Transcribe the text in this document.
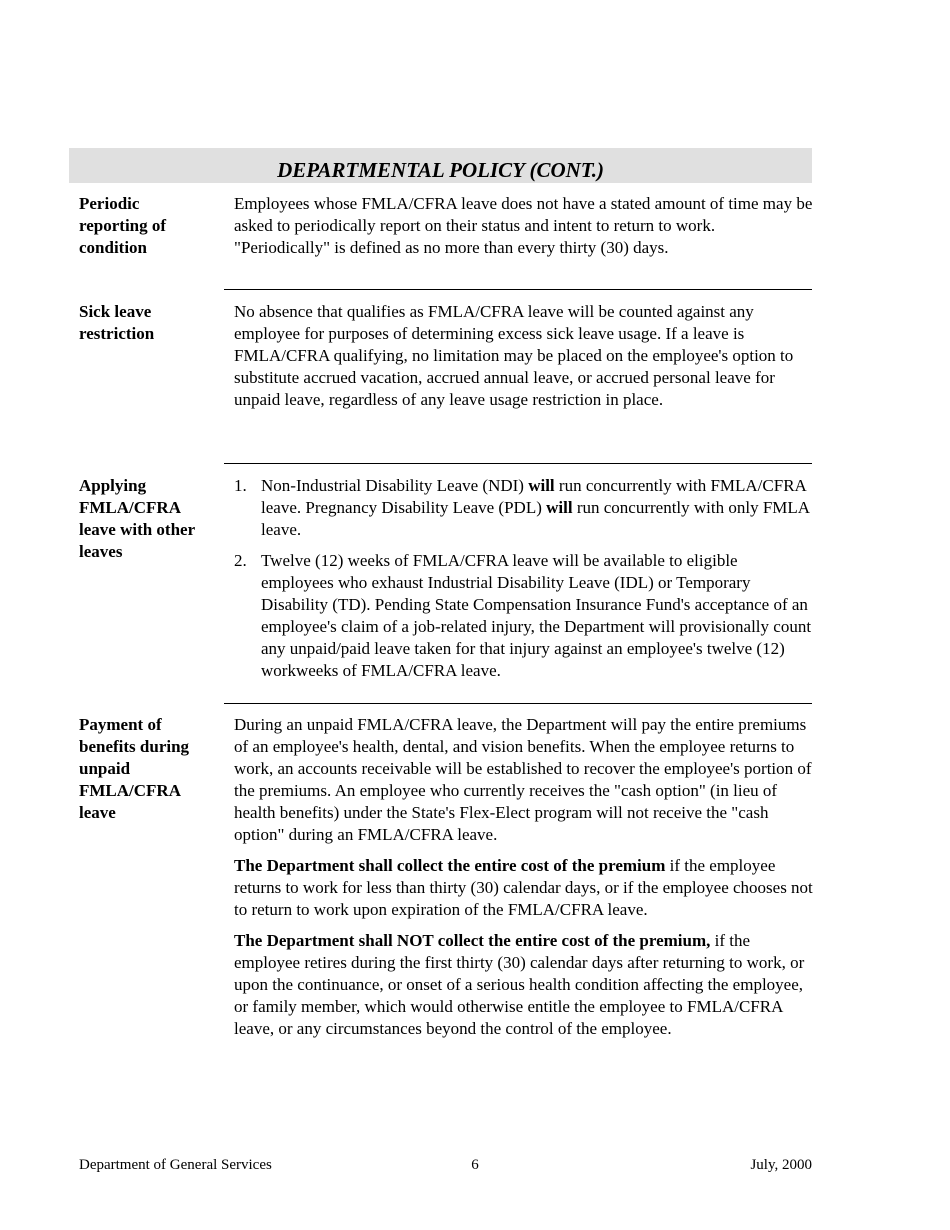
DEPARTMENTAL POLICY (CONT.)
Periodic
reporting of
condition

Employees whose FMLA/CFRA leave does not have a stated amount of time may be asked to periodically report on their status and intent to return to work. "Periodically" is defined as no more than every thirty (30) days.

Sick leave
restriction

No absence that qualifies as FMLA/CFRA leave will be counted against any employee for purposes of determining excess sick leave usage. If a leave is FMLA/CFRA qualifying, no limitation may be placed on the employee's option to substitute accrued vacation, accrued annual leave, or accrued personal leave for unpaid leave, regardless of any leave usage restriction in place.

Applying
FMLA/CFRA
leave with other
leaves

1. Non-Industrial Disability Leave (NDI) will run concurrently with FMLA/CFRA leave. Pregnancy Disability Leave (PDL) will run concurrently with only FMLA leave.

2. Twelve (12) weeks of FMLA/CFRA leave will be available to eligible employees who exhaust Industrial Disability Leave (IDL) or Temporary Disability (TD). Pending State Compensation Insurance Fund's acceptance of an employee's claim of a job-related injury, the Department will provisionally count any unpaid/paid leave taken for that injury against an employee's twelve (12) workweeks of FMLA/CFRA leave.

Payment of
benefits during
unpaid
FMLA/CFRA
leave

During an unpaid FMLA/CFRA leave, the Department will pay the entire premiums of an employee's health, dental, and vision benefits. When the employee returns to work, an accounts receivable will be established to recover the employee's portion of the premiums. An employee who currently receives the "cash option" (in lieu of health benefits) under the State's Flex-Elect program will not receive the "cash option" during an FMLA/CFRA leave.

The Department shall collect the entire cost of the premium if the employee returns to work for less than thirty (30) calendar days, or if the employee chooses not to return to work upon expiration of the FMLA/CFRA leave.

The Department shall NOT collect the entire cost of the premium, if the employee retires during the first thirty (30) calendar days after returning to work, or upon the continuance, or onset of a serious health condition affecting the employee, or family member, which would otherwise entitle the employee to FMLA/CFRA leave, or any circumstances beyond the control of the employee.

Department of General Services	6	July, 2000
